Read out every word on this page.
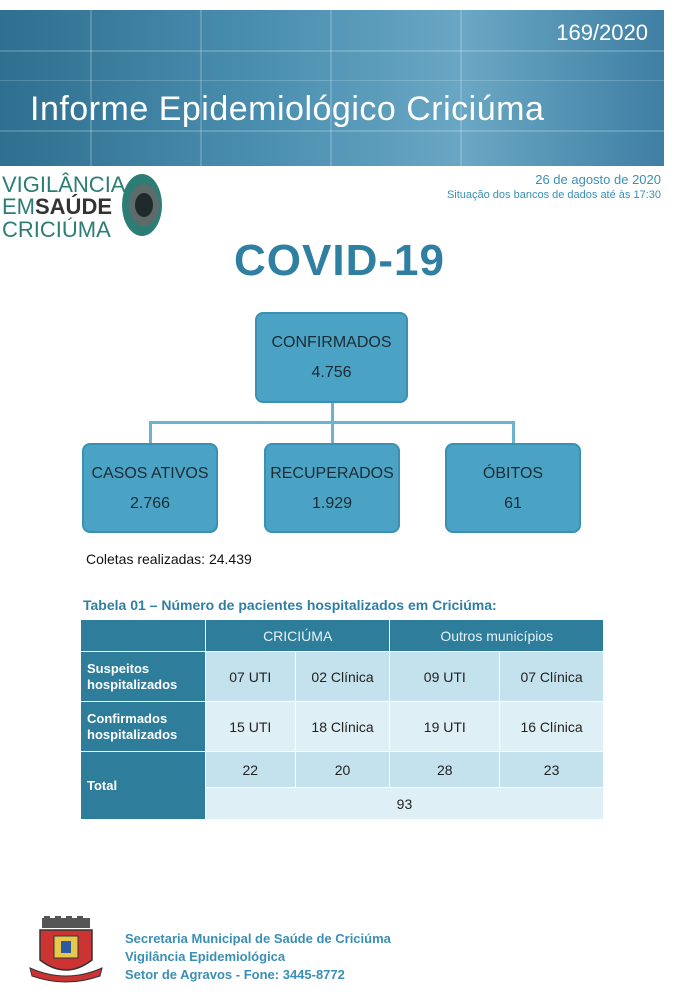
169/2020
Informe Epidemiológico Criciúma
VIGILÂNCIA
EMSAÚDE
CRICIÚMA
26 de agosto de 2020
Situação dos bancos de dados até às 17:30
COVID-19
CONFIRMADOS
4.756
CASOS ATIVOS
2.766
RECUPERADOS
1.929
ÓBITOS
61
Coletas realizadas: 24.439
Tabela 01 – Número de pacientes hospitalizados em Criciúma:
	CRICIÚMA		Outros municípios	
Suspeitos
hospitalizados	07 UTI	02 Clínica	09 UTI	07 Clínica
Confirmados
hospitalizados	15 UTI	18 Clínica	19 UTI	16 Clínica
Total	22	20	28	23
	93			
Secretaria Municipal de Saúde de Criciúma
Vigilância Epidemiológica
Setor de Agravos - Fone: 3445-8772
